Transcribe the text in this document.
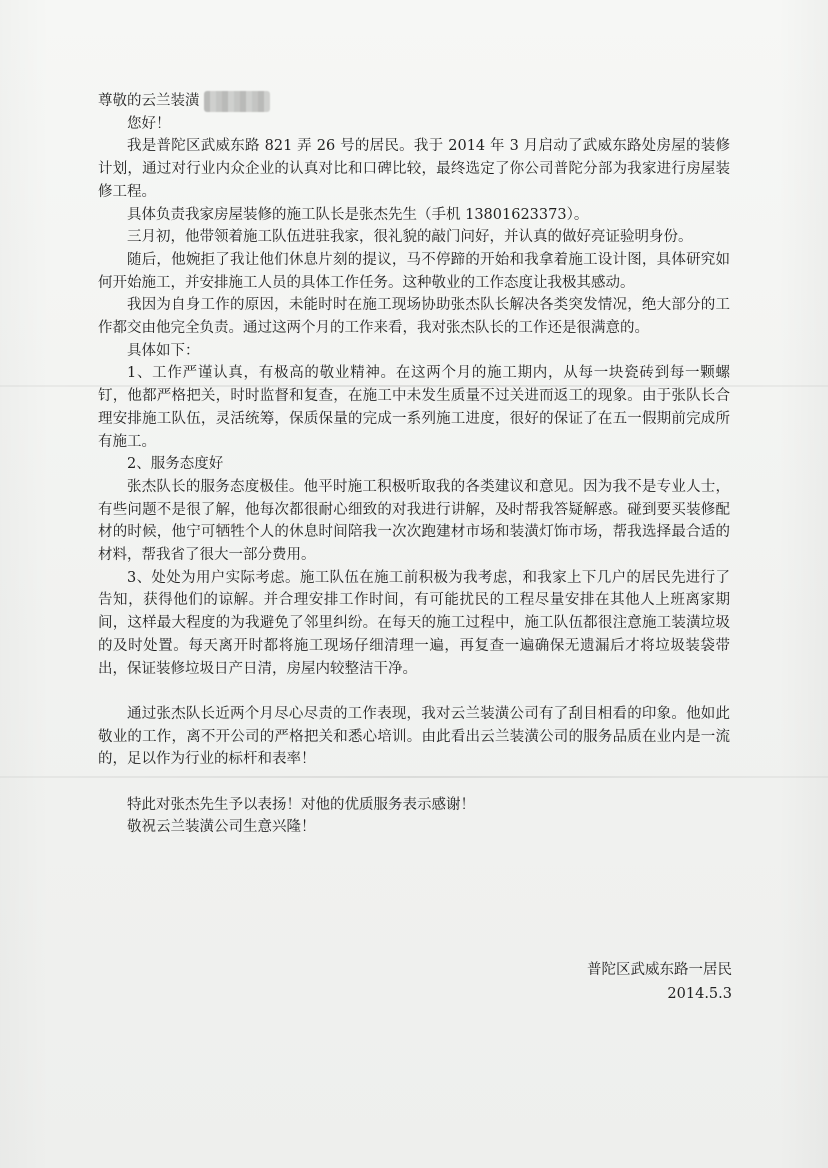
尊敬的云兰装潢

您好！

我是普陀区武威东路 821 弄 26 号的居民。我于 2014 年 3 月启动了武威东路处房屋的装修计划，通过对行业内众企业的认真对比和口碑比较，最终选定了你公司普陀分部为我家进行房屋装修工程。

具体负责我家房屋装修的施工队长是张杰先生（手机 13801623373）。

三月初，他带领着施工队伍进驻我家，很礼貌的敲门问好，并认真的做好亮证验明身份。

随后，他婉拒了我让他们休息片刻的提议，马不停蹄的开始和我拿着施工设计图，具体研究如何开始施工，并安排施工人员的具体工作任务。这种敬业的工作态度让我极其感动。

我因为自身工作的原因，未能时时在施工现场协助张杰队长解决各类突发情况，绝大部分的工作都交由他完全负责。通过这两个月的工作来看，我对张杰队长的工作还是很满意的。

具体如下：

1、工作严谨认真，有极高的敬业精神。在这两个月的施工期内，从每一块瓷砖到每一颗螺钉，他都严格把关，时时监督和复查，在施工中未发生质量不过关进而返工的现象。由于张队长合理安排施工队伍，灵活统筹，保质保量的完成一系列施工进度，很好的保证了在五一假期前完成所有施工。

2、服务态度好

张杰队长的服务态度极佳。他平时施工积极听取我的各类建议和意见。因为我不是专业人士，有些问题不是很了解，他每次都很耐心细致的对我进行讲解，及时帮我答疑解惑。碰到要买装修配材的时候，他宁可牺牲个人的休息时间陪我一次次跑建材市场和装潢灯饰市场，帮我选择最合适的材料，帮我省了很大一部分费用。

3、处处为用户实际考虑。施工队伍在施工前积极为我考虑，和我家上下几户的居民先进行了告知，获得他们的谅解。并合理安排工作时间，有可能扰民的工程尽量安排在其他人上班离家期间，这样最大程度的为我避免了邻里纠纷。在每天的施工过程中，施工队伍都很注意施工装潢垃圾的及时处置。每天离开时都将施工现场仔细清理一遍，再复查一遍确保无遗漏后才将垃圾装袋带出，保证装修垃圾日产日清，房屋内较整洁干净。

通过张杰队长近两个月尽心尽责的工作表现，我对云兰装潢公司有了刮目相看的印象。他如此敬业的工作，离不开公司的严格把关和悉心培训。由此看出云兰装潢公司的服务品质在业内是一流的，足以作为行业的标杆和表率！

特此对张杰先生予以表扬！对他的优质服务表示感谢！

敬祝云兰装潢公司生意兴隆！

普陀区武威东路一居民
2014.5.3
